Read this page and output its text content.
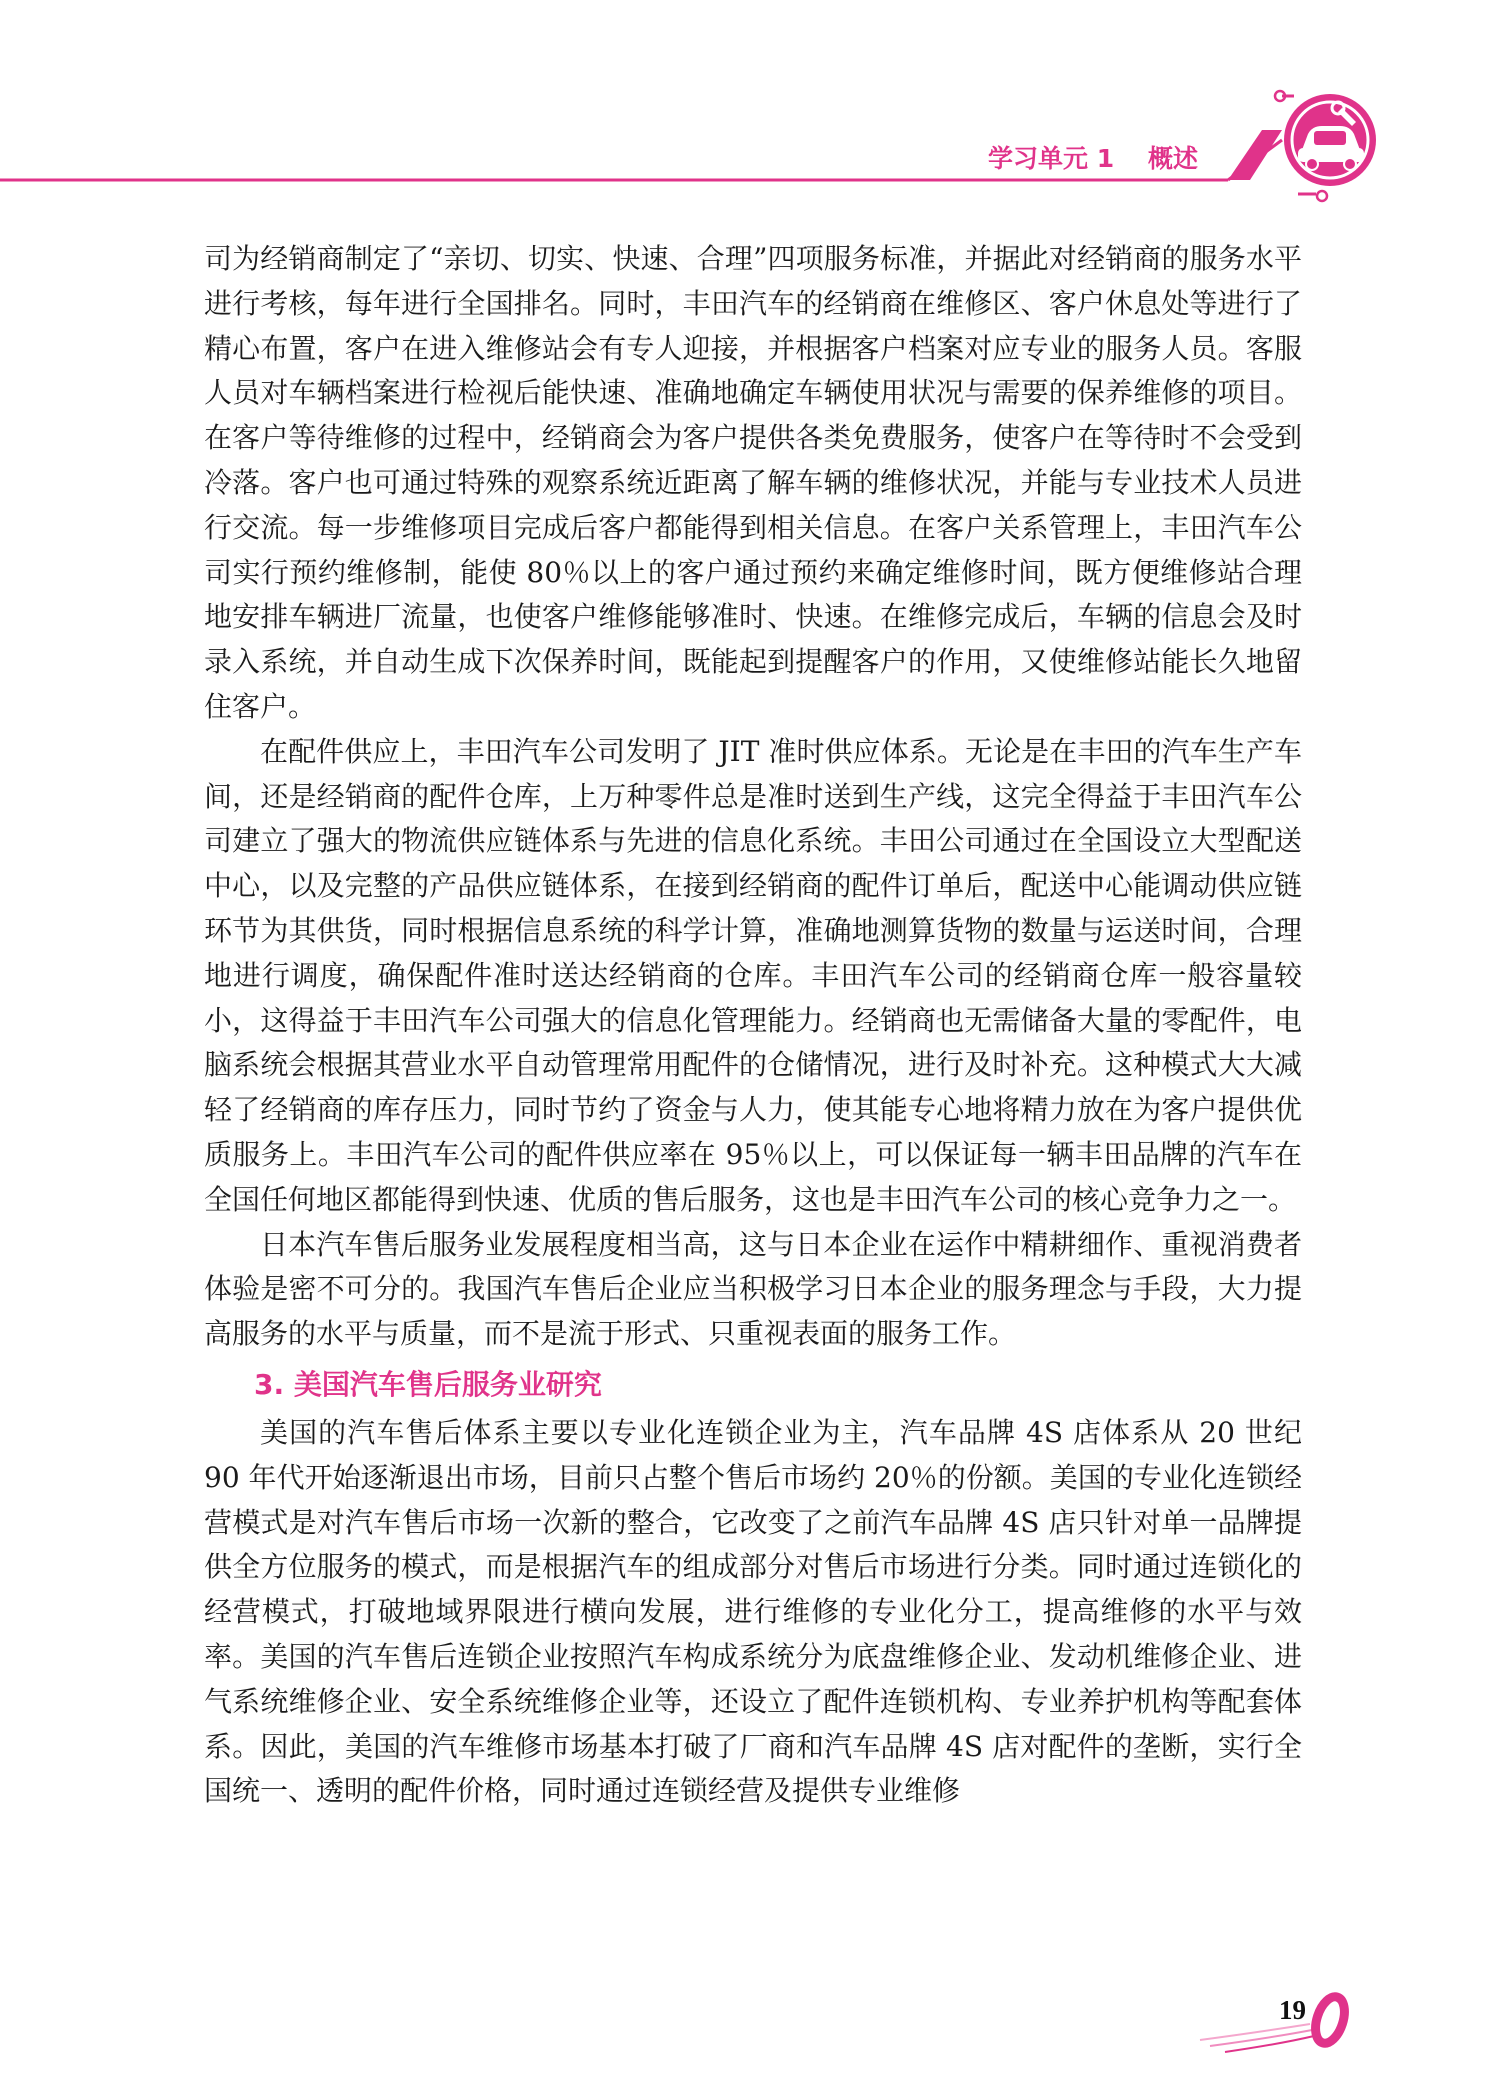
学习单元 1 概述

司为经销商制定了“亲切、切实、快速、合理”四项服务标准，并据此对经销商的服务水平进行考核，每年进行全国排名。同时，丰田汽车的经销商在维修区、客户休息处等进行了精心布置，客户在进入维修站会有专人迎接，并根据客户档案对应专业的服务人员。客服人员对车辆档案进行检视后能快速、准确地确定车辆使用状况与需要的保养维修的项目。在客户等待维修的过程中，经销商会为客户提供各类免费服务，使客户在等待时不会受到冷落。客户也可通过特殊的观察系统近距离了解车辆的维修状况，并能与专业技术人员进行交流。每一步维修项目完成后客户都能得到相关信息。在客户关系管理上，丰田汽车公司实行预约维修制，能使 80％以上的客户通过预约来确定维修时间，既方便维修站合理地安排车辆进厂流量，也使客户维修能够准时、快速。在维修完成后，车辆的信息会及时录入系统，并自动生成下次保养时间，既能起到提醒客户的作用，又使维修站能长久地留住客户。

在配件供应上，丰田汽车公司发明了 JIT 准时供应体系。无论是在丰田的汽车生产车间，还是经销商的配件仓库，上万种零件总是准时送到生产线，这完全得益于丰田汽车公司建立了强大的物流供应链体系与先进的信息化系统。丰田公司通过在全国设立大型配送中心，以及完整的产品供应链体系，在接到经销商的配件订单后，配送中心能调动供应链环节为其供货，同时根据信息系统的科学计算，准确地测算货物的数量与运送时间，合理地进行调度，确保配件准时送达经销商的仓库。丰田汽车公司的经销商仓库一般容量较小，这得益于丰田汽车公司强大的信息化管理能力。经销商也无需储备大量的零配件，电脑系统会根据其营业水平自动管理常用配件的仓储情况，进行及时补充。这种模式大大减轻了经销商的库存压力，同时节约了资金与人力，使其能专心地将精力放在为客户提供优质服务上。丰田汽车公司的配件供应率在 95％以上，可以保证每一辆丰田品牌的汽车在全国任何地区都能得到快速、优质的售后服务，这也是丰田汽车公司的核心竞争力之一。

日本汽车售后服务业发展程度相当高，这与日本企业在运作中精耕细作、重视消费者体验是密不可分的。我国汽车售后企业应当积极学习日本企业的服务理念与手段，大力提高服务的水平与质量，而不是流于形式、只重视表面的服务工作。

3. 美国汽车售后服务业研究

美国的汽车售后体系主要以专业化连锁企业为主，汽车品牌 4S 店体系从 20 世纪 90 年代开始逐渐退出市场，目前只占整个售后市场约 20％的份额。美国的专业化连锁经营模式是对汽车售后市场一次新的整合，它改变了之前汽车品牌 4S 店只针对单一品牌提供全方位服务的模式，而是根据汽车的组成部分对售后市场进行分类。同时通过连锁化的经营模式，打破地域界限进行横向发展，进行维修的专业化分工，提高维修的水平与效率。美国的汽车售后连锁企业按照汽车构成系统分为底盘维修企业、发动机维修企业、进气系统维修企业、安全系统维修企业等，还设立了配件连锁机构、专业养护机构等配套体系。因此，美国的汽车维修市场基本打破了厂商和汽车品牌 4S 店对配件的垄断，实行全国统一、透明的配件价格，同时通过连锁经营及提供专业维修

19
